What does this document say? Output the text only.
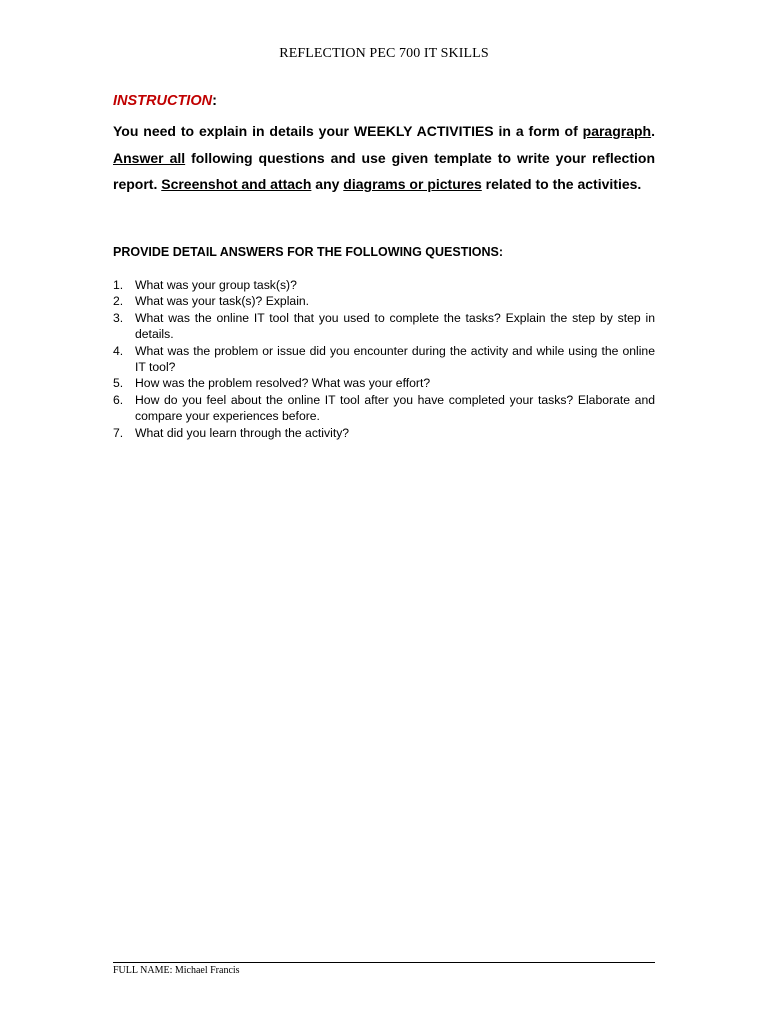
REFLECTION PEC 700 IT SKILLS
INSTRUCTION:
You need to explain in details your WEEKLY ACTIVITIES in a form of paragraph. Answer all following questions and use given template to write your reflection report. Screenshot and attach any diagrams or pictures related to the activities.
PROVIDE DETAIL ANSWERS FOR THE FOLLOWING QUESTIONS:
1. What was your group task(s)?
2. What was your task(s)? Explain.
3. What was the online IT tool that you used to complete the tasks? Explain the step by step in details.
4. What was the problem or issue did you encounter during the activity and while using the online IT tool?
5. How was the problem resolved? What was your effort?
6. How do you feel about the online IT tool after you have completed your tasks? Elaborate and compare your experiences before.
7. What did you learn through the activity?
FULL NAME: Michael Francis
